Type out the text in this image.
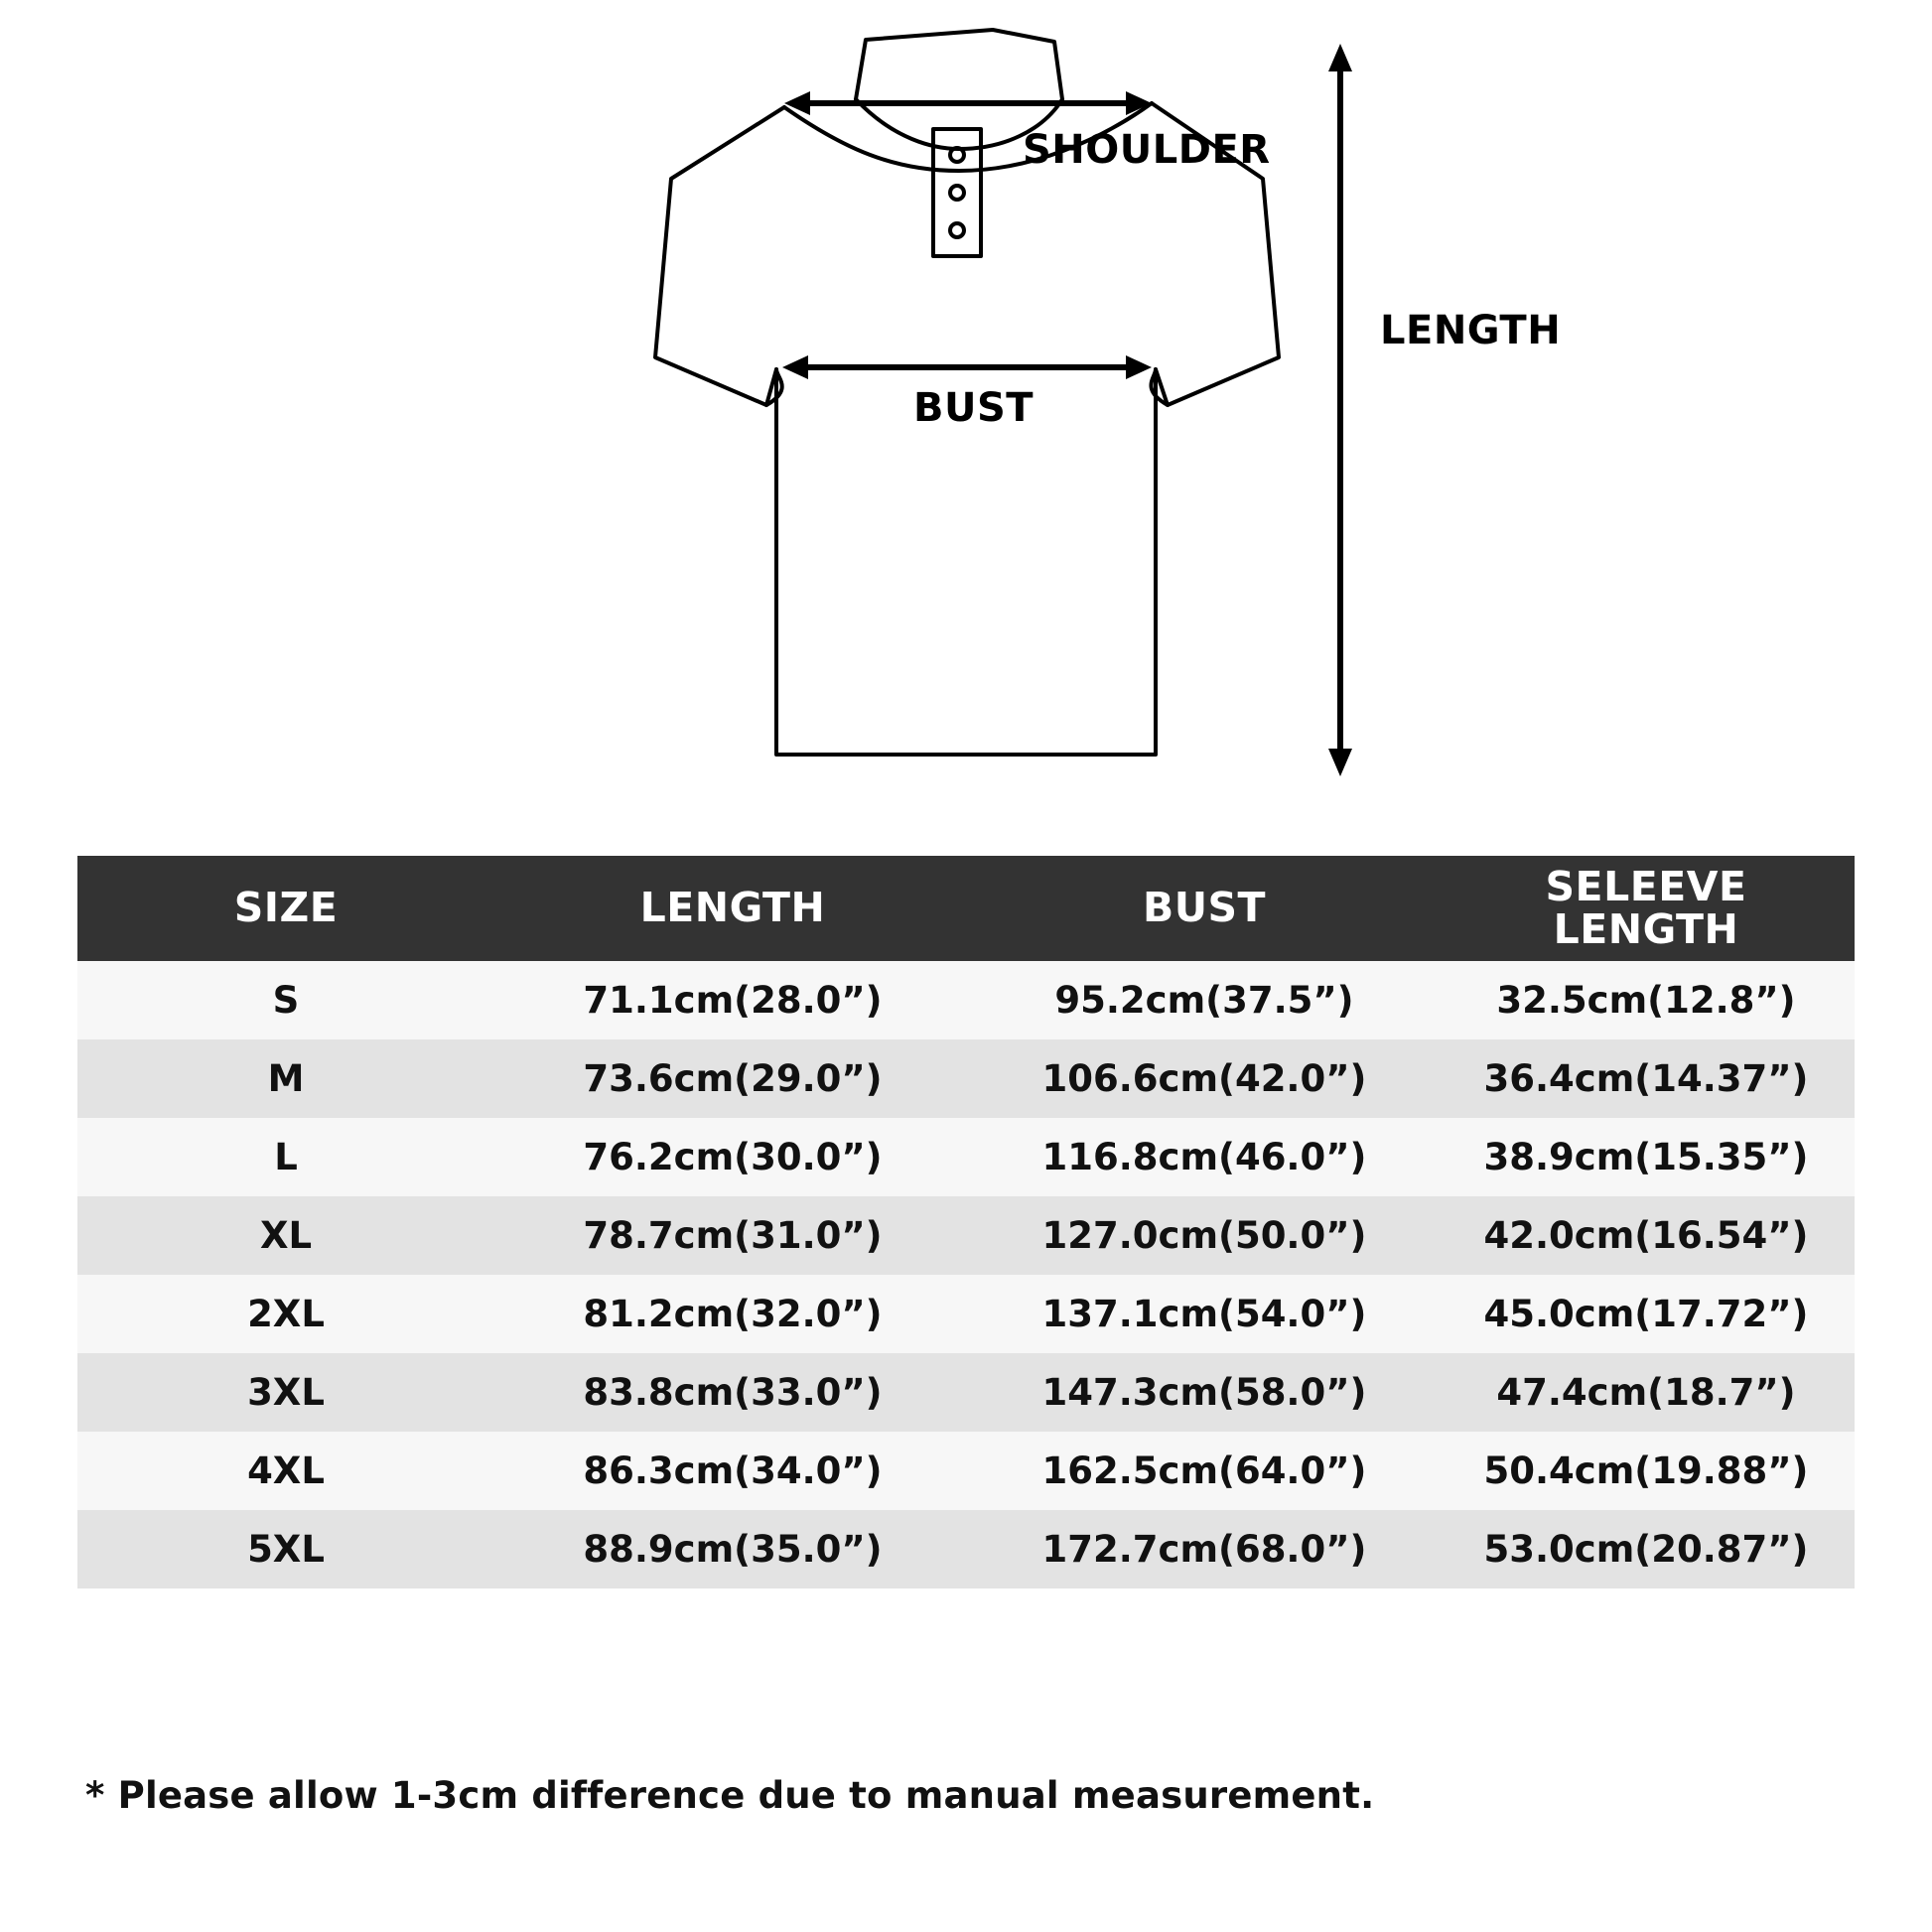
SHOULDER
BUST
LENGTH
SIZE	LENGTH	BUST	SELEEVE
LENGTH

S	71.1cm(28.0”)	95.2cm(37.5”)	32.5cm(12.8”)
M	73.6cm(29.0”)	106.6cm(42.0”)	36.4cm(14.37”)
L	76.2cm(30.0”)	116.8cm(46.0”)	38.9cm(15.35”)
XL	78.7cm(31.0”)	127.0cm(50.0”)	42.0cm(16.54”)
2XL	81.2cm(32.0”)	137.1cm(54.0”)	45.0cm(17.72”)
3XL	83.8cm(33.0”)	147.3cm(58.0”)	47.4cm(18.7”)
4XL	86.3cm(34.0”)	162.5cm(64.0”)	50.4cm(19.88”)
5XL	88.9cm(35.0”)	172.7cm(68.0”)	53.0cm(20.87”)
* Please allow 1-3cm difference due to manual measurement.
